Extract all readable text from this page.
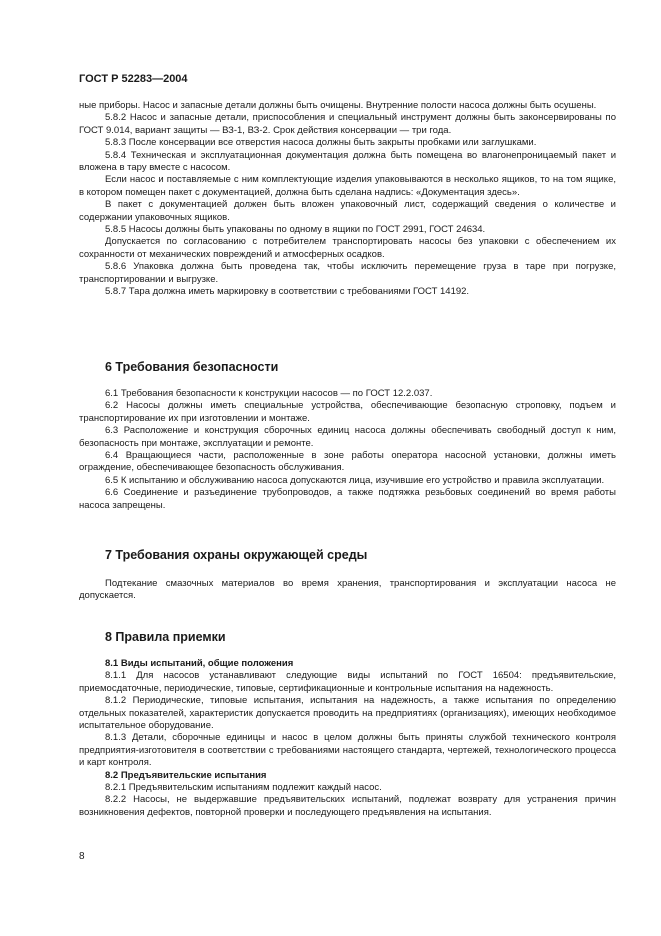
ГОСТ Р 52283—2004

ные приборы. Насос и запасные детали должны быть очищены. Внутренние полости насоса должны быть осушены.

5.8.2 Насос и запасные детали, приспособления и специальный инструмент должны быть законсервированы по ГОСТ 9.014, вариант защиты — ВЗ-1, ВЗ-2. Срок действия консервации — три года.

5.8.3 После консервации все отверстия насоса должны быть закрыты пробками или заглушками.

5.8.4 Техническая и эксплуатационная документация должна быть помещена во влагонепроницаемый пакет и вложена в тару вместе с насосом.

Если насос и поставляемые с ним комплектующие изделия упаковываются в несколько ящиков, то на том ящике, в котором помещен пакет с документацией, должна быть сделана надпись: «Документация здесь».

В пакет с документацией должен быть вложен упаковочный лист, содержащий сведения о количестве и содержании упаковочных ящиков.

5.8.5 Насосы должны быть упакованы по одному в ящики по ГОСТ 2991, ГОСТ 24634.

Допускается по согласованию с потребителем транспортировать насосы без упаковки с обеспечением их сохранности от механических повреждений и атмосферных осадков.

5.8.6 Упаковка должна быть проведена так, чтобы исключить перемещение груза в таре при погрузке, транспортировании и выгрузке.

5.8.7 Тара должна иметь маркировку в соответствии с требованиями ГОСТ 14192.

6 Требования безопасности

6.1 Требования безопасности к конструкции насосов — по ГОСТ 12.2.037.

6.2 Насосы должны иметь специальные устройства, обеспечивающие безопасную строповку, подъем и транспортирование их при изготовлении и монтаже.

6.3 Расположение и конструкция сборочных единиц насоса должны обеспечивать свободный доступ к ним, безопасность при монтаже, эксплуатации и ремонте.

6.4 Вращающиеся части, расположенные в зоне работы оператора насосной установки, должны иметь ограждение, обеспечивающее безопасность обслуживания.

6.5 К испытанию и обслуживанию насоса допускаются лица, изучившие его устройство и правила эксплуатации.

6.6 Соединение и разъединение трубопроводов, а также подтяжка резьбовых соединений во время работы насоса запрещены.

7 Требования охраны окружающей среды

Подтекание смазочных материалов во время хранения, транспортирования и эксплуатации насоса не допускается.

8 Правила приемки

8.1 Виды испытаний, общие положения

8.1.1 Для насосов устанавливают следующие виды испытаний по ГОСТ 16504: предъявительские, приемосдаточные, периодические, типовые, сертификационные и контрольные испытания на надежность.

8.1.2 Периодические, типовые испытания, испытания на надежность, а также испытания по определению отдельных показателей, характеристик допускается проводить на предприятиях (организациях), имеющих необходимое испытательное оборудование.

8.1.3 Детали, сборочные единицы и насос в целом должны быть приняты службой технического контроля предприятия-изготовителя в соответствии с требованиями настоящего стандарта, чертежей, технологического процесса и карт контроля.

8.2 Предъявительские испытания

8.2.1 Предъявительским испытаниям подлежит каждый насос.

8.2.2 Насосы, не выдержавшие предъявительских испытаний, подлежат возврату для устранения причин возникновения дефектов, повторной проверки и последующего предъявления на испытания.

8
